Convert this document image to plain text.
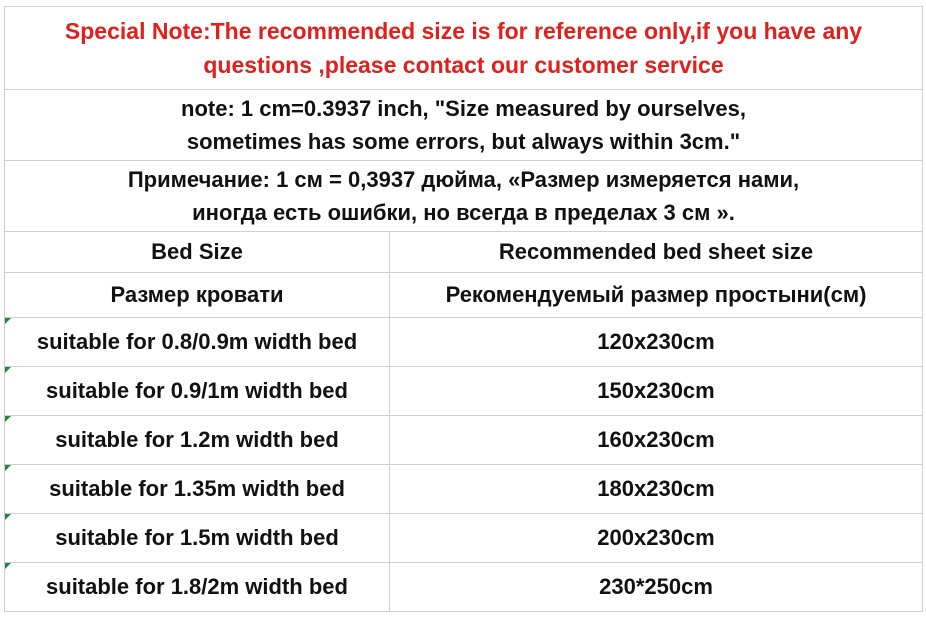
Special Note:The recommended size is for reference only,if you have any
questions ,please contact our customer service	

note: 1 cm=0.3937 inch, "Size measured by ourselves,
sometimes has some errors, but always within 3cm."	

Примечание: 1 см = 0,3937 дюйма, «Размер измеряется нами,
иногда есть ошибки, но всегда в пределах 3 см ».	

Bed Size	Recommended bed sheet size
Размер кровати	Рекомендуемый размер простыни(см)

suitable for 0.8/0.9m width bed	120x230cm

suitable for 0.9/1m width bed	150x230cm

suitable for 1.2m width bed	160x230cm

suitable for 1.35m width bed	180x230cm

suitable for 1.5m width bed	200x230cm

suitable for 1.8/2m width bed	230*250cm
